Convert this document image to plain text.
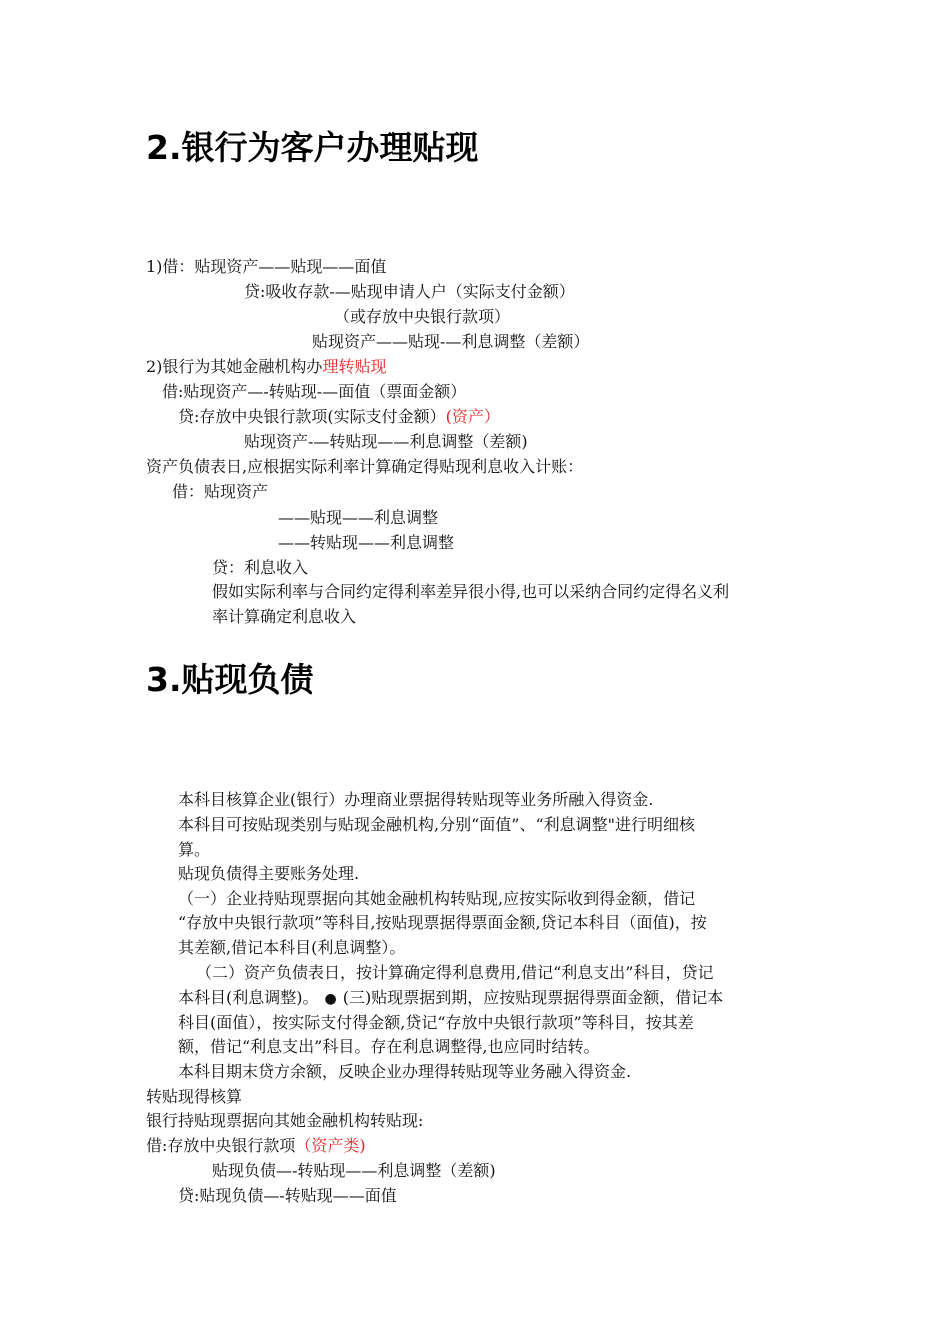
2.银行为客户办理贴现
1)借：贴现资产——贴现——面值
贷:吸收存款-—贴现申请人户（实际支付金额）
（或存放中央银行款项）
贴现资产——贴现-—利息调整（差额）
2)银行为其她金融机构办理转贴现
借:贴现资产—-转贴现-—面值（票面金额）
贷:存放中央银行款项(实际支付金额）(资产）
贴现资产-—转贴现——利息调整（差额)
资产负债表日,应根据实际利率计算确定得贴现利息收入计账：
借：贴现资产
——贴现——利息调整
——转贴现——利息调整
贷：利息收入
假如实际利率与合同约定得利率差异很小得,也可以采纳合同约定得名义利
率计算确定利息收入
3.贴现负债
本科目核算企业(银行）办理商业票据得转贴现等业务所融入得资金.
本科目可按贴现类别与贴现金融机构,分别“面值”、“利息调整"进行明细核
算。
贴现负债得主要账务处理.
（一）企业持贴现票据向其她金融机构转贴现,应按实际收到得金额，借记
“存放中央银行款项”等科目,按贴现票据得票面金额,贷记本科目（面值)，按
其差额,借记本科目(利息调整）。
（二）资产负债表日，按计算确定得利息费用,借记“利息支出”科目，贷记
本科目(利息调整)。 ● (三)贴现票据到期，应按贴现票据得票面金额，借记本
科目(面值），按实际支付得金额,贷记“存放中央银行款项”等科目，按其差
额，借记“利息支出”科目。存在利息调整得,也应同时结转。
本科目期末贷方余额，反映企业办理得转贴现等业务融入得资金.
转贴现得核算
银行持贴现票据向其她金融机构转贴现:
借:存放中央银行款项（资产类)
贴现负债—-转贴现——利息调整（差额)
贷:贴现负债—-转贴现——面值
